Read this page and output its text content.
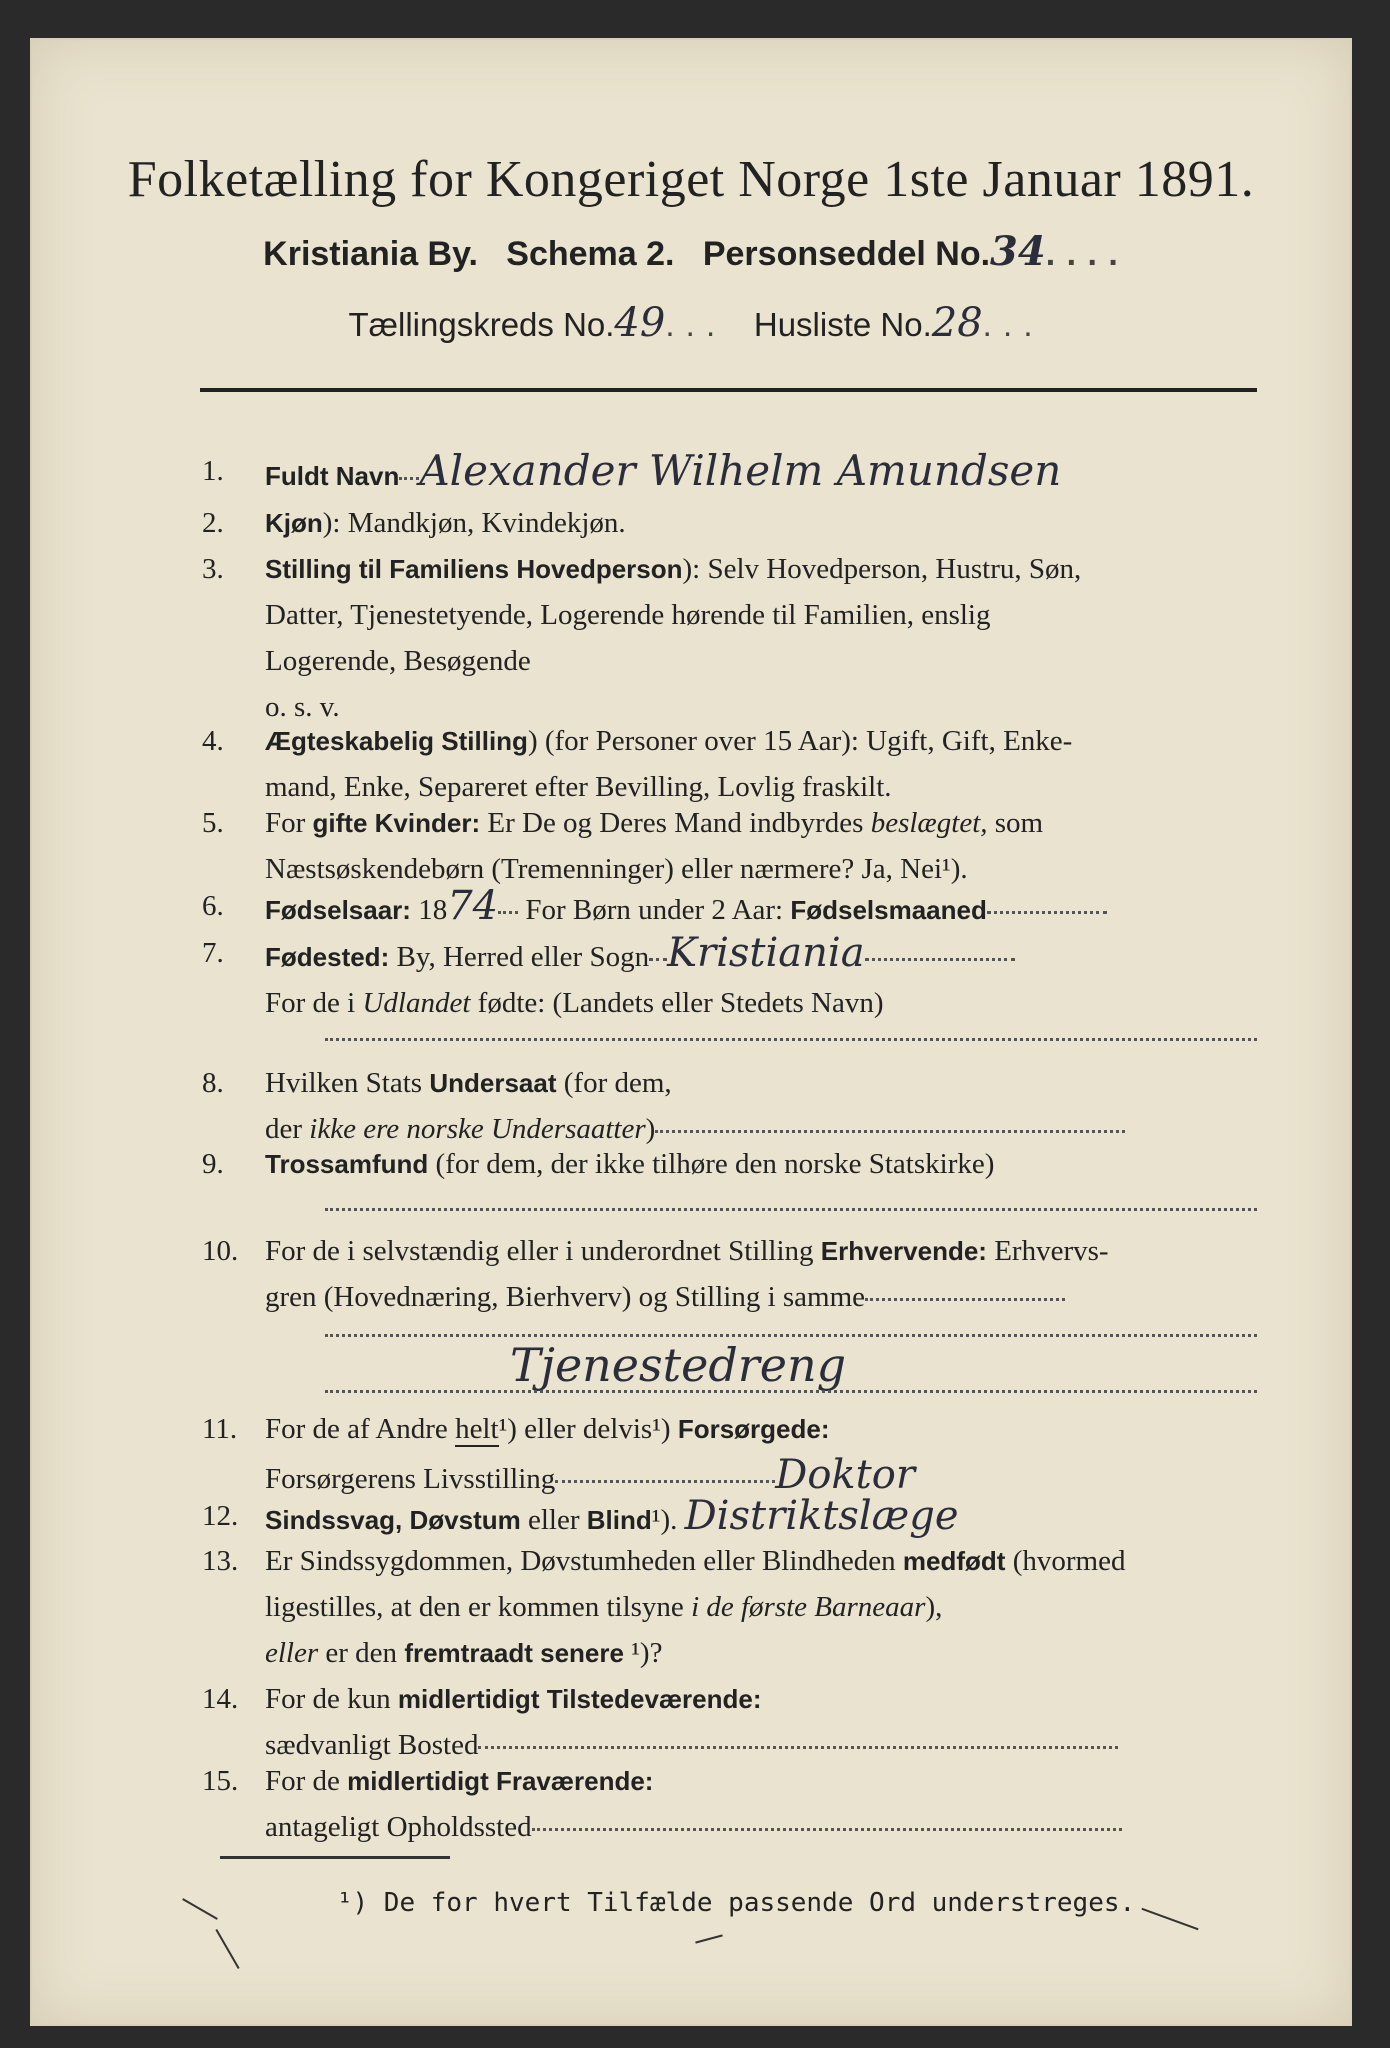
Folketælling for Kongeriget Norge 1ste Januar 1891.
Kristiania By. Schema 2. Personseddel No.34. . . .
Tællingskreds No.49. . .    Husliste No.28. . .
1.	Fuldt Navn Alexander Wilhelm Amundsen
2.	Kjøn): Mandkjøn, Kvindekjøn.
3.	Stilling til Familiens Hovedperson): Selv Hovedperson, Hustru, Søn,
Datter, Tjenestetyende, Logerende hørende til Familien, enslig
Logerende, Besøgende
o. s. v.
4.	Ægteskabelig Stilling) (for Personer over 15 Aar): Ugift, Gift, Enke-
mand, Enke, Separeret efter Bevilling, Lovlig fraskilt.
5.	For gifte Kvinder: Er De og Deres Mand indbyrdes beslægtet, som
Næstsøskendebørn (Tremenninger) eller nærmere? Ja, Nei¹).
6.	Fødselsaar: 1874 For Børn under 2 Aar: Fødselsmaaned
7.	Fødested: By, Herred eller Sogn Kristiania
For de i Udlandet fødte: (Landets eller Stedets Navn)
8.	Hvilken Stats Undersaat (for dem,
der ikke ere norske Undersaatter)
9.	Trossamfund (for dem, der ikke tilhøre den norske Statskirke)
10. For de i selvstændig eller i underordnet Stilling Erhvervende: Erhvervs-
gren (Hovednæring, Bierhverv) og Stilling i samme
Tjenestedreng
11. For de af Andre helt¹) eller delvis¹) Forsørgede:
Forsørgerens Livsstilling	Doktor
12.	Sindssvag, Døvstum eller Blind¹). Distriktslæge
13. Er Sindssygdommen, Døvstumheden eller Blindheden medfødt (hvormed
ligestilles, at den er kommen tilsyne i de første Barneaar),
eller er den fremtraadt senere ¹)?
14. For de kun midlertidigt Tilstedeværende:
sædvanligt Bosted
15. For de midlertidigt Fraværende:
antageligt Opholdssted
¹) De for hvert Tilfælde passende Ord understreges.
